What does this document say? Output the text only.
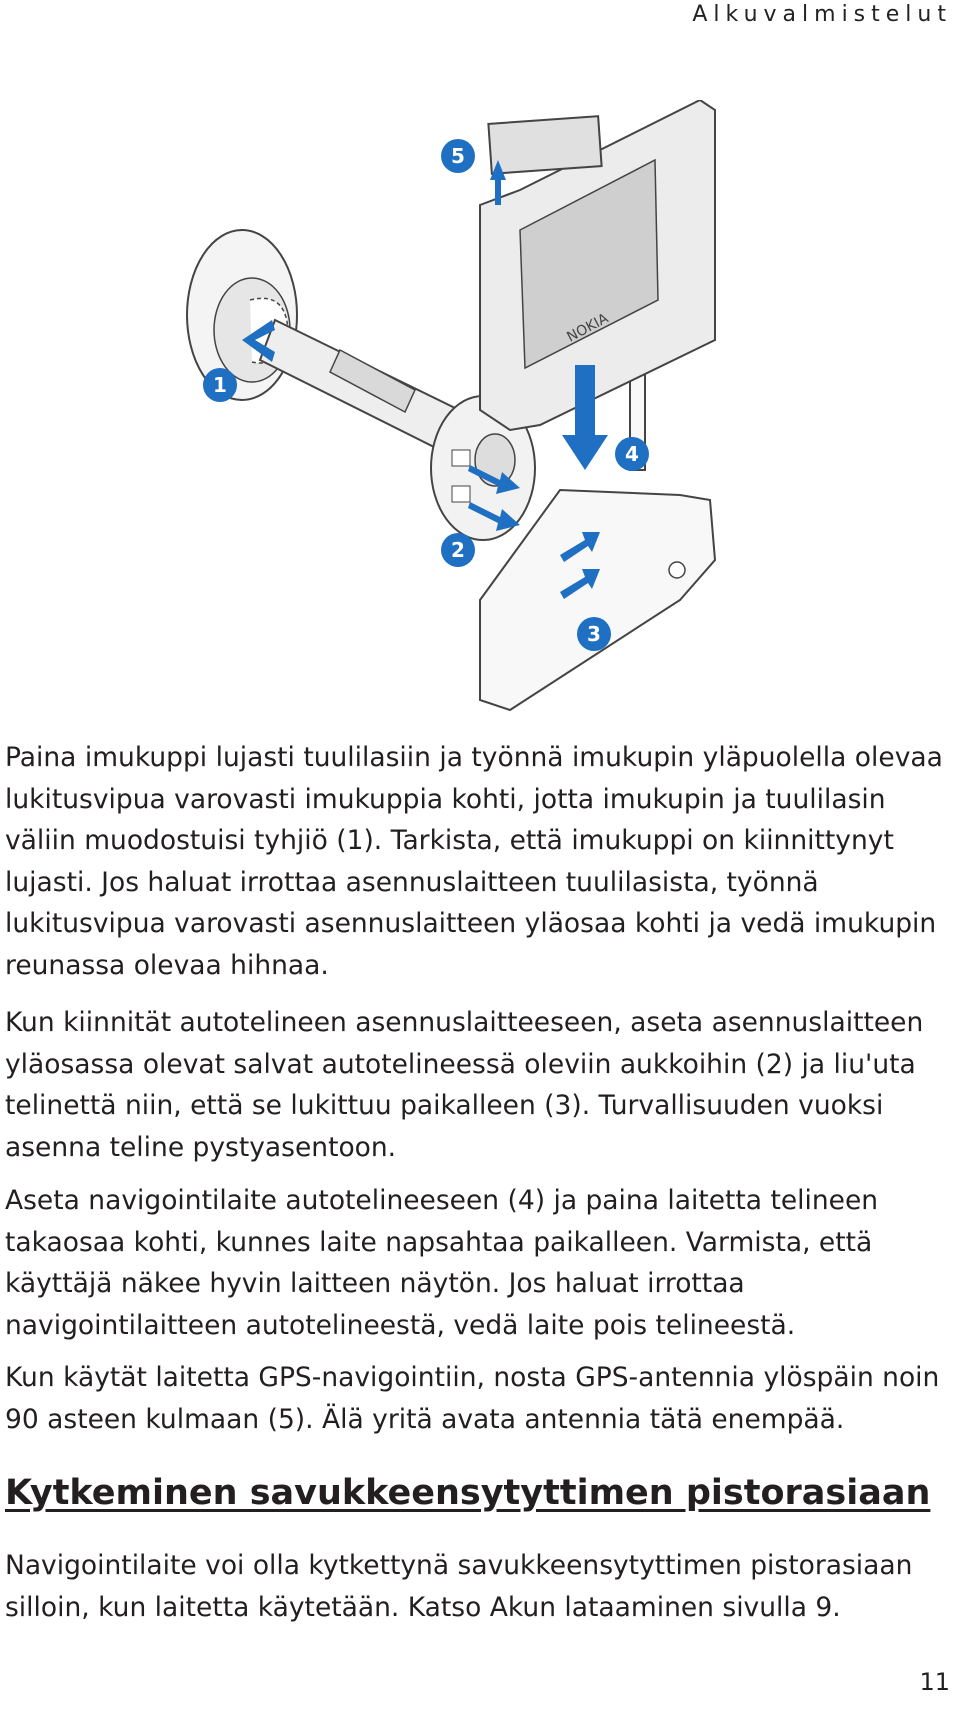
Alkuvalmistelut
NOKIA
1
2
3
4
5

Paina imukuppi lujasti tuulilasiin ja työnnä imukupin yläpuolella olevaa lukitusvipua varovasti imukuppia kohti, jotta imukupin ja tuulilasin väliin muodostuisi tyhjiö (1). Tarkista, että imukuppi on kiinnittynyt lujasti. Jos haluat irrottaa asennuslaitteen tuulilasista, työnnä lukitusvipua varovasti asennuslaitteen yläosaa kohti ja vedä imukupin reunassa olevaa hihnaa.

Kun kiinnität autotelineen asennuslaitteeseen, aseta asennuslaitteen yläosassa olevat salvat autotelineessä oleviin aukkoihin (2) ja liu'uta telinettä niin, että se lukittuu paikalleen (3). Turvallisuuden vuoksi asenna teline pystyasentoon.

Aseta navigointilaite autotelineeseen (4) ja paina laitetta telineen takaosaa kohti, kunnes laite napsahtaa paikalleen. Varmista, että käyttäjä näkee hyvin laitteen näytön. Jos haluat irrottaa navigointilaitteen autotelineestä, vedä laite pois telineestä.

Kun käytät laitetta GPS-navigointiin, nosta GPS-antennia ylöspäin noin 90 asteen kulmaan (5). Älä yritä avata antennia tätä enempää.

Kytkeminen savukkeensytyttimen pistorasiaan

Navigointilaite voi olla kytkettynä savukkeensytyttimen pistorasiaan silloin, kun laitetta käytetään. Katso Akun lataaminen sivulla 9.

11
